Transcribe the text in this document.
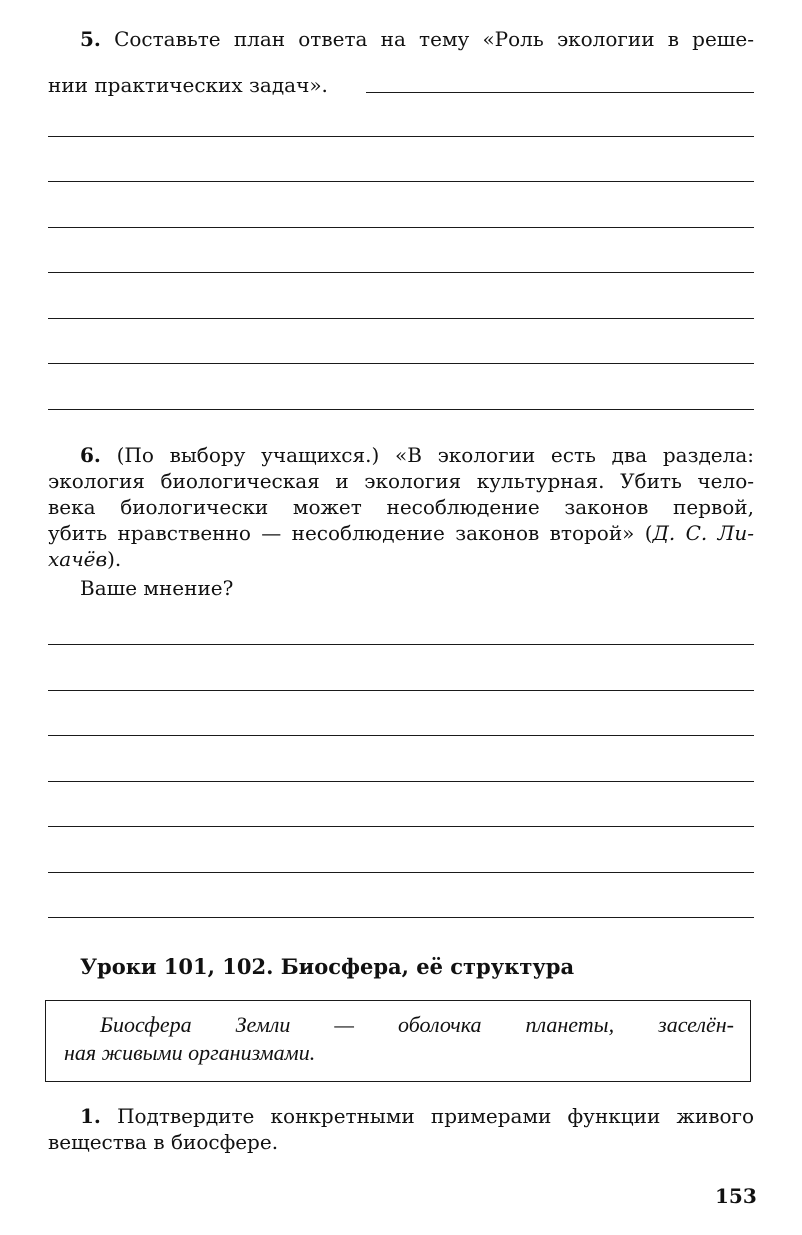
5. Составьте план ответа на тему «Роль экологии в реше-
нии практических задач».
6. (По выбору учащихся.) «В экологии есть два раздела:
экология биологическая и экология культурная. Убить чело-
века биологически может несоблюдение законов первой,
убить нравственно — несоблюдение законов второй» (Д. С. Ли-
хачёв).
Ваше мнение?
Уроки 101, 102. Биосфера, её структура
Биосфера Земли — оболочка планеты, заселён-
ная живыми организмами.
1. Подтвердите конкретными примерами функции живого
вещества в биосфере.
153
